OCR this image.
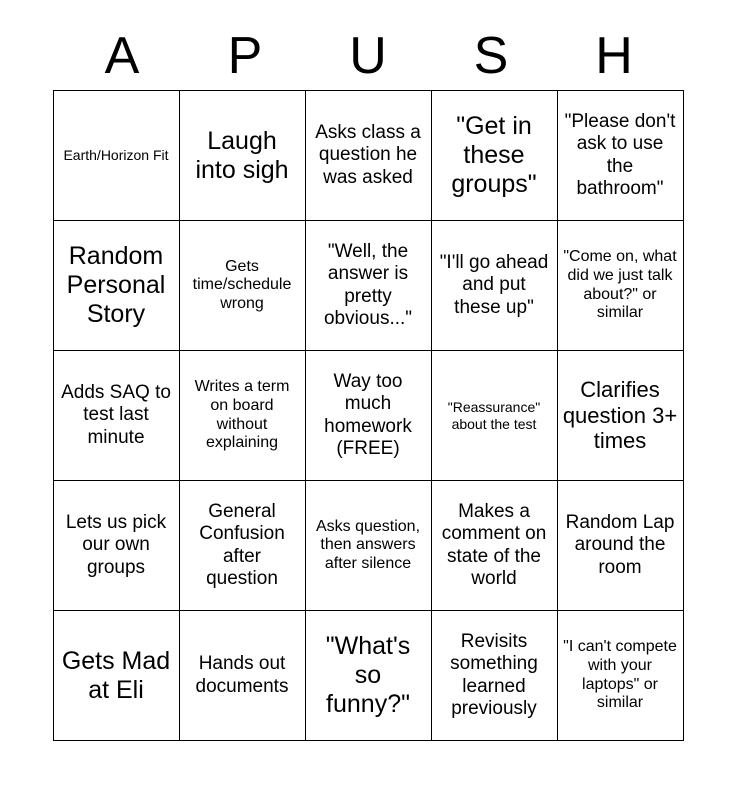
A	P	U	S	H
Earth/Horizon Fit	Laugh into sigh	Asks class a question he was asked	"Get in these groups"	"Please don't ask to use the bathroom"
Random Personal Story	Gets time/schedule wrong	"Well, the answer is pretty obvious..."	"I'll go ahead and put these up"	"Come on, what did we just talk about?" or similar
Adds SAQ to test last minute	Writes a term on board without explaining	Way too much homework (FREE)	"Reassurance" about the test	Clarifies question 3+ times
Lets us pick our own groups	General Confusion after question	Asks question, then answers after silence	Makes a comment on state of the world	Random Lap around the room
Gets Mad at Eli	Hands out documents	"What's so funny?"	Revisits something learned previously	"I can't compete with your laptops" or similar
